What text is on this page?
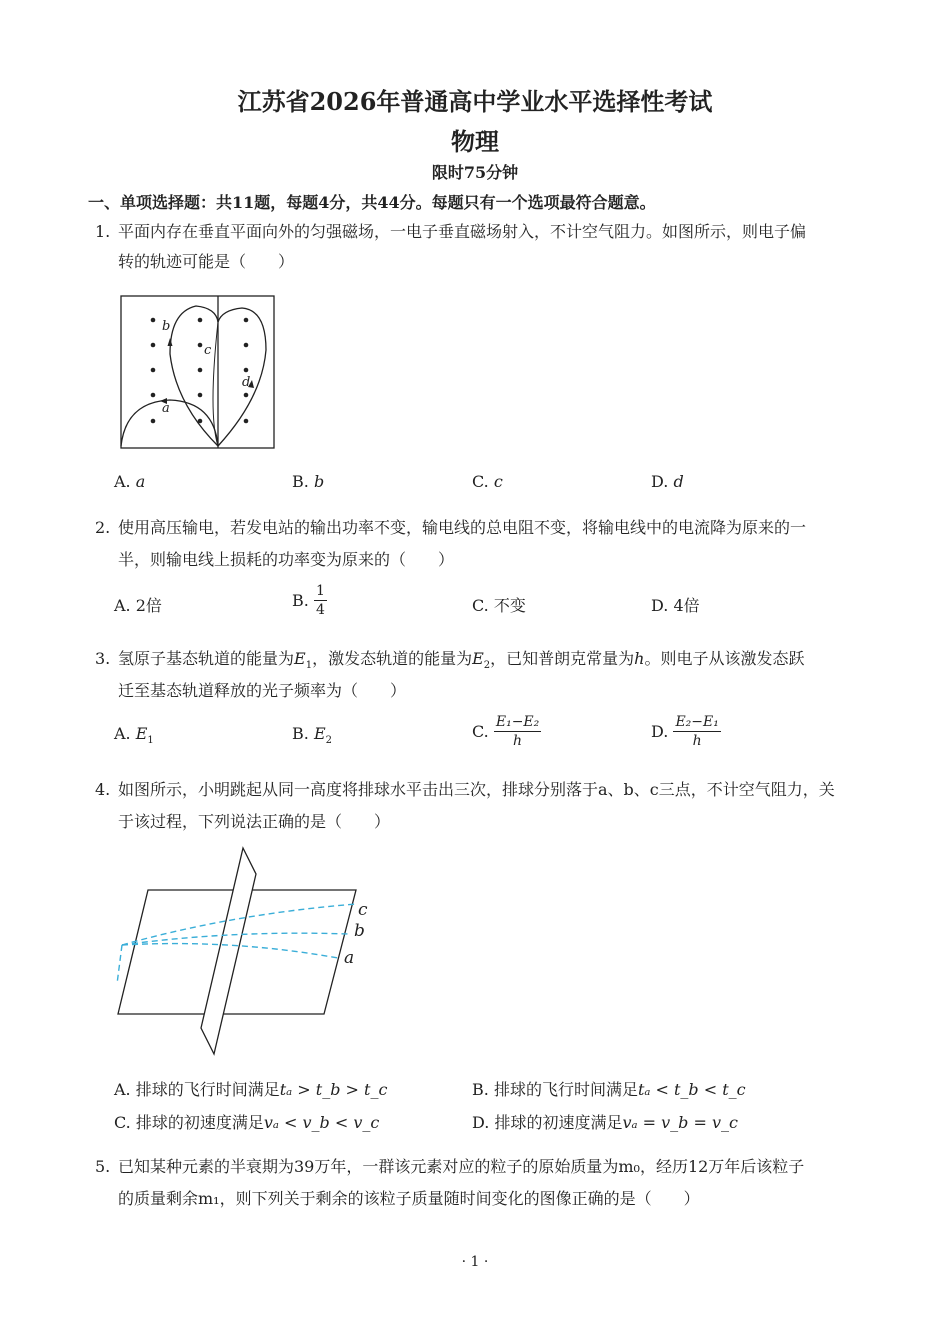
江苏省2026年普通高中学业水平选择性考试
物理
限时75分钟
一、单项选择题：共11题，每题4分，共44分。每题只有一个选项最符合题意。
1. 平面内存在垂直平面向外的匀强磁场，一电子垂直磁场射入，不计空气阻力。如图所示，则电子偏
转的轨迹可能是（　　）
b
c
d
a
A. a	B. b	C. c	D. d
2. 使用高压输电，若发电站的输出功率不变，输电线的总电阻不变，将输电线中的电流降为原来的一
半，则输电线上损耗的功率变为原来的（　　）
A. 2倍	B. $\frac{1}{4}$	C. 不变	D. 4倍
3. 氢原子基态轨道的能量为$E_1$，激发态轨道的能量为$E_2$，已知普朗克常量为h。则电子从该激发态跃
迁至基态轨道释放的光子频率为（　　）
A. $E_1$	B. $E_2$	C. $\frac{\text{E₁−E₂}}{h}$	D. $\frac{\text{E₂−E₁}}{h}$
4. 如图所示，小明跳起从同一高度将排球水平击出三次，排球分别落于a、b、c三点，不计空气阻力，关
于该过程，下列说法正确的是（　　）
c
b
a
A. 排球的飞行时间满足tₐ > t_b > t_c	B. 排球的飞行时间满足tₐ < t_b < t_c
C. 排球的初速度满足vₐ < v_b < v_c	D. 排球的初速度满足vₐ = v_b = v_c
5. 已知某种元素的半衰期为39万年，一群该元素对应的粒子的原始质量为m₀，经历12万年后该粒子
的质量剩余m₁，则下列关于剩余的该粒子质量随时间变化的图像正确的是（　　）
· 1 ·
